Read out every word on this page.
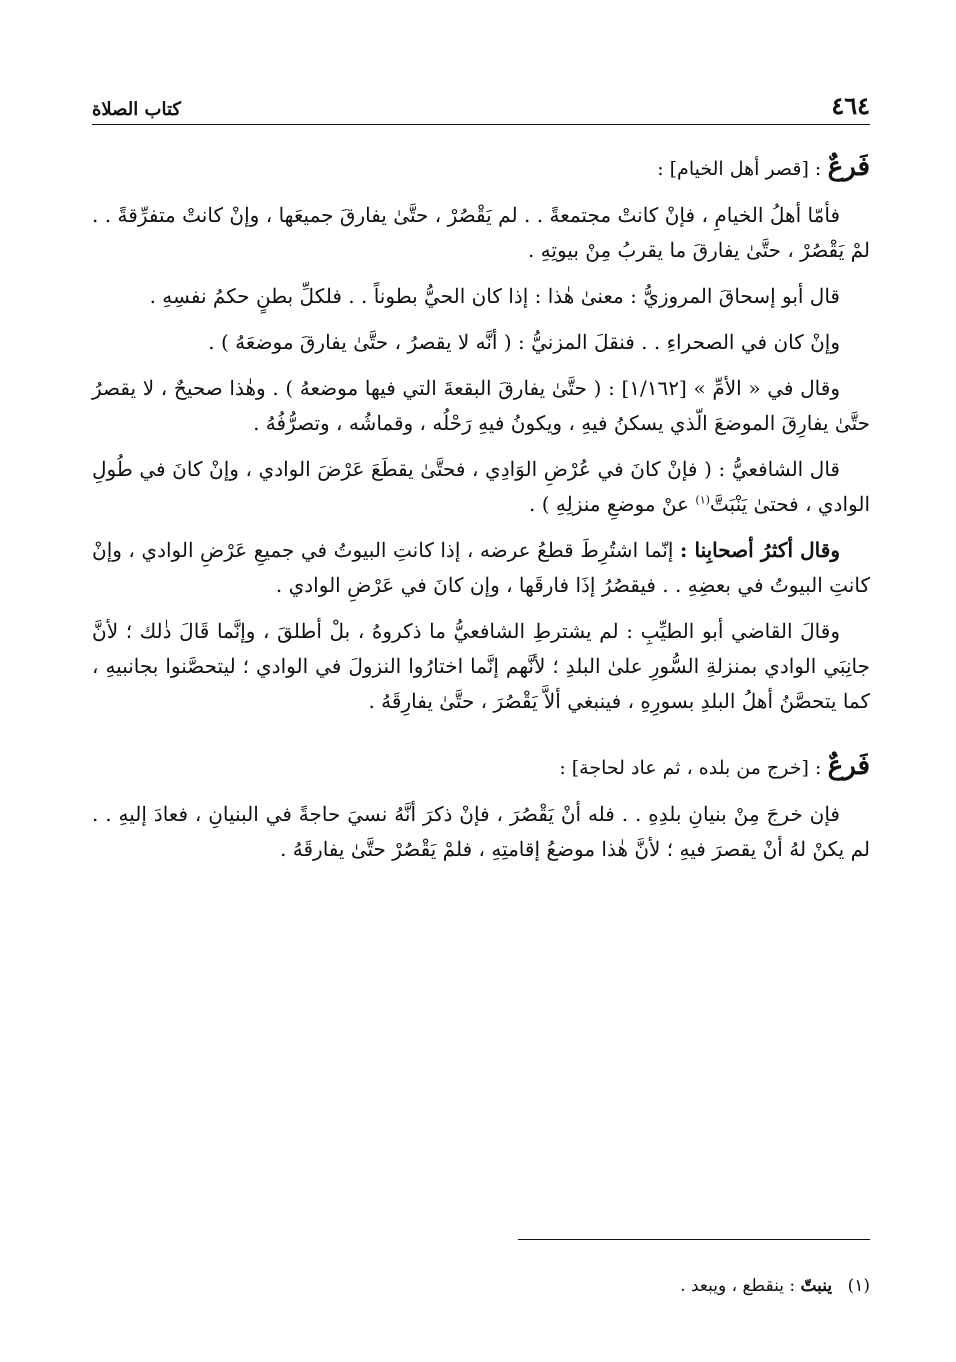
٤٦٤
كتاب الصلاة

فَرعٌ : [قصر أهل الخيام] :

فأمّا أهلُ الخيامِ ، فإنْ كانتْ مجتمعةً . . لم يَقْصُرْ ، حتَّىٰ يفارقَ جميعَها ، وإنْ كانتْ متفرِّقةً . . لمْ يَقْصُرْ ، حتَّىٰ يفارقَ ما يقربُ مِنْ بيوتِهِ .

قال أبو إسحاقَ المروزيُّ : معنىٰ هٰذا : إذا كان الحيُّ بطوناً . . فلكلِّ بطنٍ حكمُ نفسِهِ .

وإنْ كان في الصحراءِ . . فنقلَ المزنيُّ : ( أنَّه لا يقصرُ ، حتَّىٰ يفارقَ موضعَهُ ) .

وقال في « الأمِّ » [١/١٦٢] : ( حتَّىٰ يفارقَ البقعةَ التي فيها موضعهُ ) . وهٰذا صحيحٌ ، لا يقصرُ حتَّىٰ يفارِقَ الموضعَ الّذي يسكنُ فيهِ ، ويكونُ فيهِ رَحْلُه ، وقماشُه ، وتصرُّفُهُ .

قال الشافعيُّ : ( فإنْ كانَ في عُرْضِ الوَادِي ، فحتَّىٰ يقطَعَ عَرْضَ الوادي ، وإنْ كانَ في طُولِ الوادي ، فحتىٰ يَنْبَتَّ$^{(١)}$ عنْ موضعِ منزلِهِ ) .

وقال أكثرُ أصحابِنا : إنّما اشتُرِطَ قطعُ عرضه ، إذا كانتِ البيوتُ في جميعِ عَرْضِ الوادي ، وإنْ كانتِ البيوتُ في بعضِهِ . . فيقصُرُ إذَا فارقَها ، وإن كانَ في عَرْضِ الوادي .

وقالَ القاضي أبو الطيِّبِ : لم يشترطِ الشافعيُّ ما ذكروهُ ، بلْ أطلقَ ، وإنَّما قَالَ ذٰلك ؛ لأنَّ جانِبَي الوادي بمنزلةِ السُّورِ علىٰ البلدِ ؛ لأنَّهم إنَّما اختارُوا النزولَ في الوادي ؛ ليتحصَّنوا بجانبيهِ ، كما يتحصَّنُ أهلُ البلدِ بسورِهِ ، فينبغي ألاَّ يَقْصُرَ ، حتَّىٰ يفارِقَهُ .

فَرعٌ : [خرج من بلده ، ثم عاد لحاجة] :

فإن خرجَ مِنْ بنيانِ بلدِهِ . . فله أنْ يَقْصُرَ ، فإنْ ذكرَ أنَّهُ نسيَ حاجةً في البنيانِ ، فعادَ إليهِ . . لم يكنْ لهُ أنْ يقصرَ فيهِ ؛ لأنَّ هٰذا موضعُ إقامتِهِ ، فلمْ يَقْصُرْ حتَّىٰ يفارقَهُ .

(١) ينبتّ : ينقطع ، ويبعد .
